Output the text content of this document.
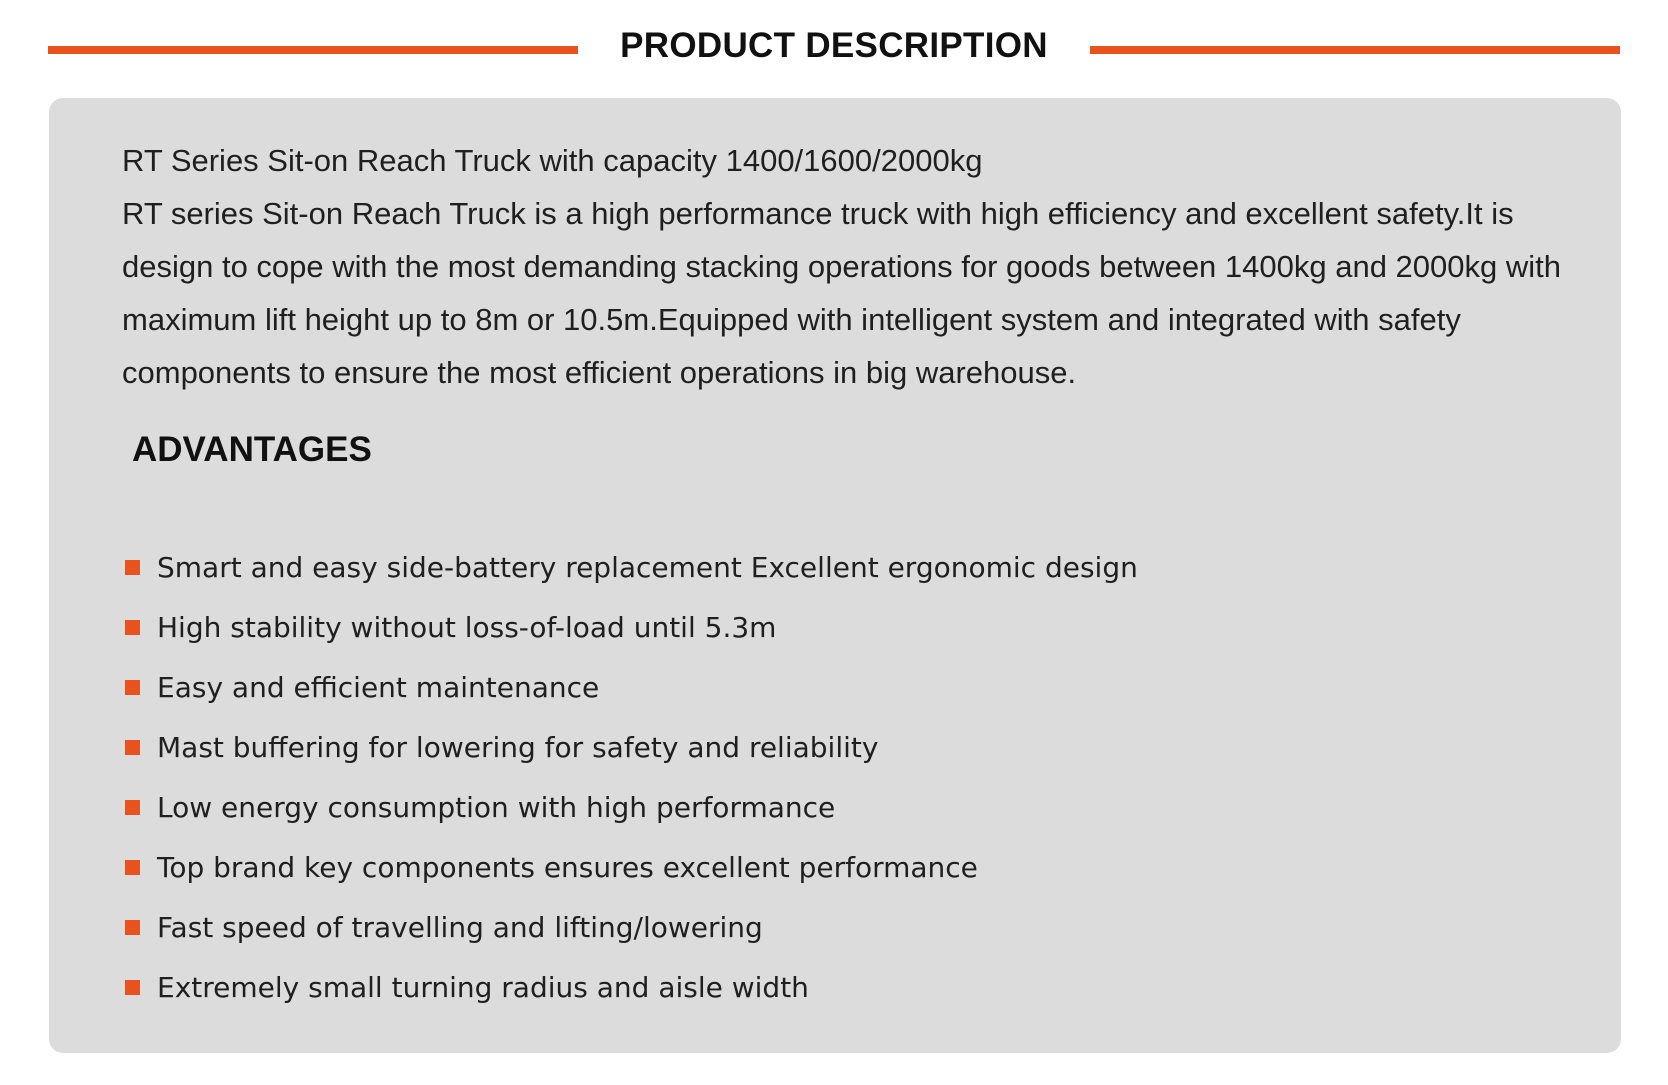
PRODUCT DESCRIPTION

RT Series Sit-on Reach Truck with capacity 1400/1600/2000kg

RT series Sit-on Reach Truck is a high performance truck with high efficiency and excellent safety.It is design to cope with the most demanding stacking operations for goods between 1400kg and 2000kg with maximum lift height up to 8m or 10.5m.Equipped with intelligent system and integrated with safety components to ensure the most efficient operations in big warehouse.

ADVANTAGES
Smart and easy side-battery replacement Excellent ergonomic design
High stability without loss-of-load until 5.3m
Easy and efficient maintenance
Mast buffering for lowering for safety and reliability
Low energy consumption with high performance
Top brand key components ensures excellent performance
Fast speed of travelling and lifting/lowering
Extremely small turning radius and aisle width
